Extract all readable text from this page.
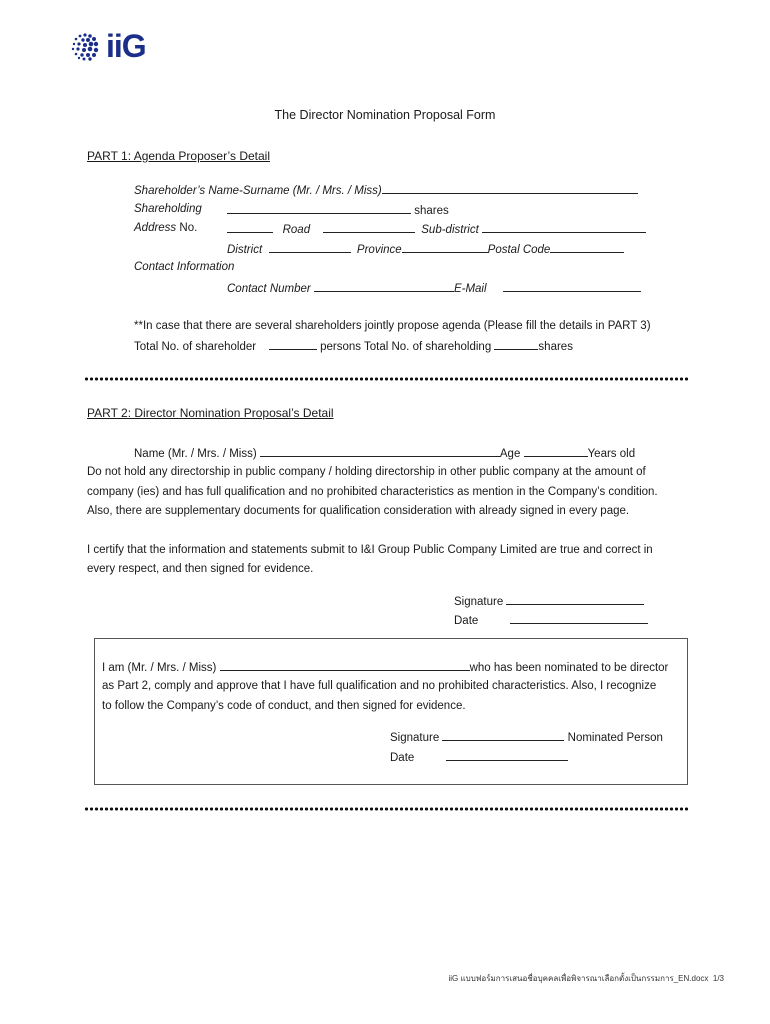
iiG
The Director Nomination Proposal Form
PART 1: Agenda Proposer’s Detail
Shareholder’s Name-Surname (Mr. / Mrs. / Miss)
Shareholding	shares
Address No.	Road	Sub-district
District	Province	Postal Code
Contact Information
Contact Number	E-Mail
**In case that there are several shareholders jointly propose agenda (Please fill the details in PART 3)
Total No. of shareholder	persons Total No. of shareholding	shares
PART 2: Director Nomination Proposal’s Detail
Name (Mr. / Mrs. / Miss)	Age	Years old
Do not hold any directorship in public company / holding directorship in other public company at the amount of
company (ies) and has full qualification and no prohibited characteristics as mention in the Company’s condition.
Also, there are supplementary documents for qualification consideration with already signed in every page.
I certify that the information and statements submit to I&I Group Public Company Limited are true and correct in
every respect, and then signed for evidence.
Signature
Date
I am (Mr. / Mrs. / Miss)	who has been nominated to be director
as Part 2, comply and approve that I have full qualification and no prohibited characteristics. Also, I recognize
to follow the Company’s code of conduct, and then signed for evidence.
Signature	Nominated Person
Date
iiG แบบฟอร์มการเสนอชื่อบุคคลเพื่อพิจารณาเลือกตั้งเป็นกรรมการ_EN.docx 1/3
